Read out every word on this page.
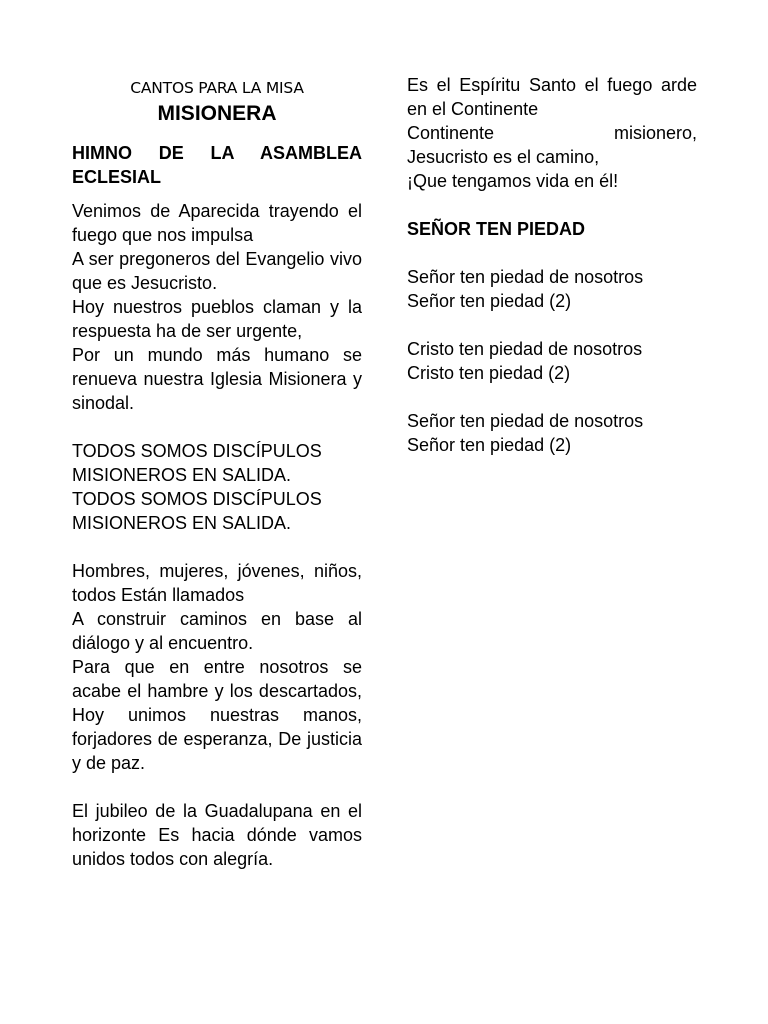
CANTOS PARA LA MISA
MISIONERA
HIMNO DE LA ASAMBLEA ECLESIAL
Venimos de Aparecida trayendo el fuego que nos impulsa
A ser pregoneros del Evangelio vivo que es Jesucristo.
Hoy nuestros pueblos claman y la respuesta ha de ser urgente,
Por un mundo más humano se renueva nuestra Iglesia Misionera y sinodal.
TODOS SOMOS DISCÍPULOS MISIONEROS EN SALIDA.
TODOS SOMOS DISCÍPULOS MISIONEROS EN SALIDA.
Hombres, mujeres, jóvenes, niños, todos Están llamados
A construir caminos en base al diálogo y al encuentro.
Para que en entre nosotros se acabe el hambre y los descartados, Hoy unimos nuestras manos, forjadores de esperanza, De justicia y de paz.
El jubileo de la Guadalupana en el horizonte Es hacia dónde vamos unidos todos con alegría.
Es el Espíritu Santo el fuego arde en el Continente
Continente misionero,
Jesucristo es el camino,
¡Que tengamos vida en él!
SEÑOR TEN PIEDAD
Señor ten piedad de nosotros
Señor ten piedad (2)
Cristo ten piedad de nosotros
Cristo ten piedad (2)
Señor ten piedad de nosotros
Señor ten piedad (2)
